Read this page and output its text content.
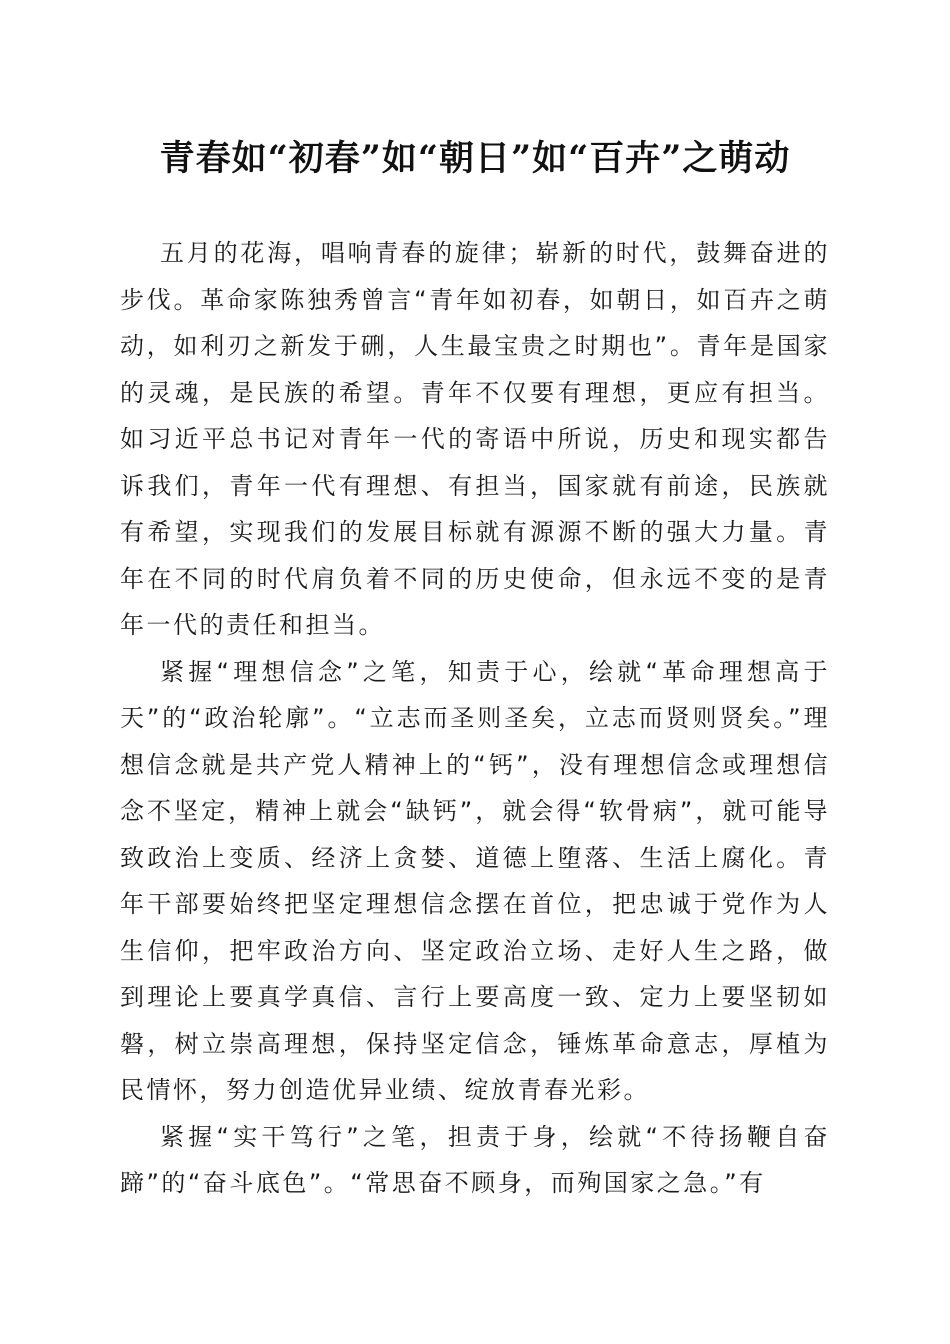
青春如“初春”如“朝日”如“百卉”之萌动

五月的花海，唱响青春的旋律；崭新的时代，鼓舞奋进的步伐。革命家陈独秀曾言“青年如初春，如朝日，如百卉之萌动，如利刃之新发于硎，人生最宝贵之时期也”。青年是国家的灵魂，是民族的希望。青年不仅要有理想，更应有担当。如习近平总书记对青年一代的寄语中所说，历史和现实都告诉我们，青年一代有理想、有担当，国家就有前途，民族就有希望，实现我们的发展目标就有源源不断的强大力量。青年在不同的时代肩负着不同的历史使命，但永远不变的是青年一代的责任和担当。

紧握“理想信念”之笔，知责于心，绘就“革命理想高于天”的“政治轮廓”。“立志而圣则圣矣，立志而贤则贤矣。”理想信念就是共产党人精神上的“钙”，没有理想信念或理想信念不坚定，精神上就会“缺钙”，就会得“软骨病”，就可能导致政治上变质、经济上贪婪、道德上堕落、生活上腐化。青年干部要始终把坚定理想信念摆在首位，把忠诚于党作为人生信仰，把牢政治方向、坚定政治立场、走好人生之路，做到理论上要真学真信、言行上要高度一致、定力上要坚韧如磐，树立崇高理想，保持坚定信念，锤炼革命意志，厚植为民情怀，努力创造优异业绩、绽放青春光彩。

紧握“实干笃行”之笔，担责于身，绘就“不待扬鞭自奋蹄”的“奋斗底色”。“常思奋不顾身，而殉国家之急。”有
